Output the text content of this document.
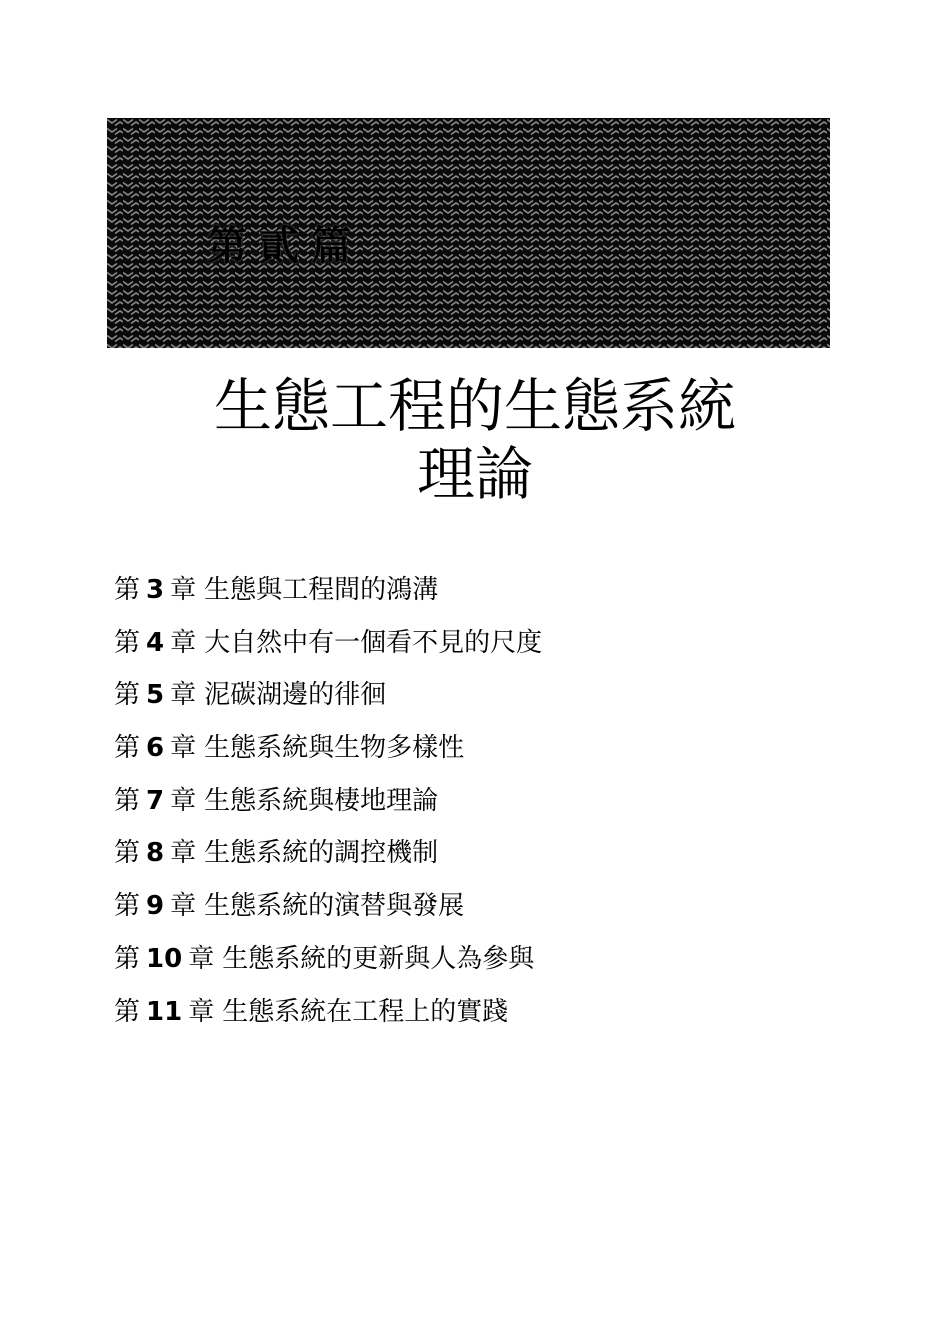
第貳篇
生態工程的生態系統
理論
第 3 章 生態與工程間的鴻溝
第 4 章 大自然中有一個看不見的尺度
第 5 章 泥碳湖邊的徘徊
第 6 章 生態系統與生物多樣性
第 7 章 生態系統與棲地理論
第 8 章 生態系統的調控機制
第 9 章 生態系統的演替與發展
第 10 章 生態系統的更新與人為參與
第 11 章 生態系統在工程上的實踐
